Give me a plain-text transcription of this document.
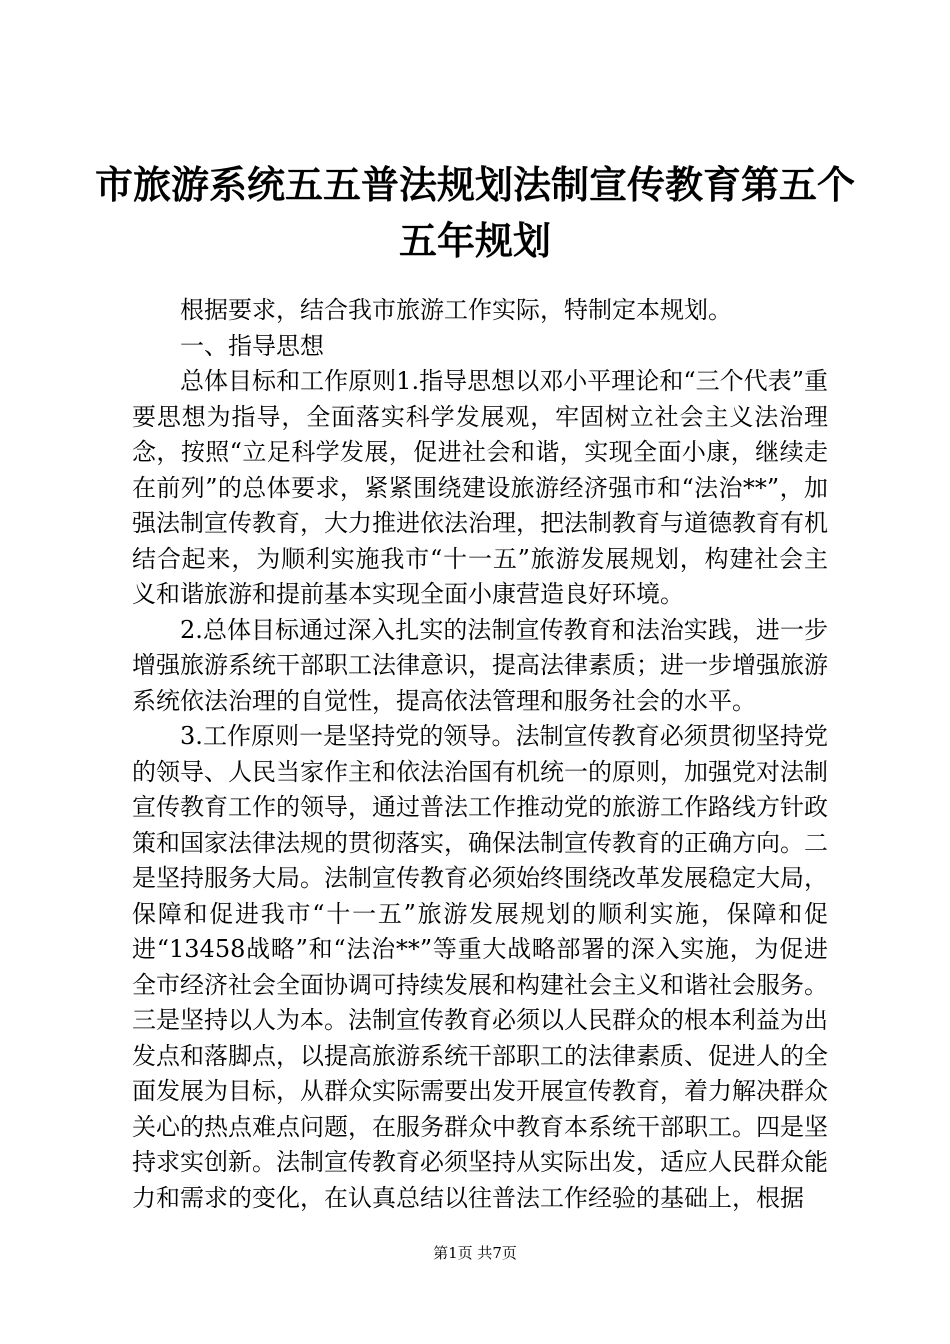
市旅游系统五五普法规划法制宣传教育第五个
五年规划

根据要求，结合我市旅游工作实际，特制定本规划。

一、指导思想

总体目标和工作原则1.指导思想以邓小平理论和“三个代表”重要思想为指导，全面落实科学发展观，牢固树立社会主义法治理念，按照“立足科学发展，促进社会和谐，实现全面小康，继续走在前列”的总体要求，紧紧围绕建设旅游经济强市和“法治**”，加强法制宣传教育，大力推进依法治理，把法制教育与道德教育有机结合起来，为顺利实施我市“十一五”旅游发展规划，构建社会主义和谐旅游和提前基本实现全面小康营造良好环境。

2.总体目标通过深入扎实的法制宣传教育和法治实践，进一步增强旅游系统干部职工法律意识，提高法律素质；进一步增强旅游系统依法治理的自觉性，提高依法管理和服务社会的水平。

3.工作原则一是坚持党的领导。法制宣传教育必须贯彻坚持党的领导、人民当家作主和依法治国有机统一的原则，加强党对法制宣传教育工作的领导，通过普法工作推动党的旅游工作路线方针政策和国家法律法规的贯彻落实，确保法制宣传教育的正确方向。二是坚持服务大局。法制宣传教育必须始终围绕改革发展稳定大局，保障和促进我市“十一五”旅游发展规划的顺利实施，保障和促进“13458战略”和“法治**”等重大战略部署的深入实施，为促进全市经济社会全面协调可持续发展和构建社会主义和谐社会服务。三是坚持以人为本。法制宣传教育必须以人民群众的根本利益为出发点和落脚点，以提高旅游系统干部职工的法律素质、促进人的全面发展为目标，从群众实际需要出发开展宣传教育，着力解决群众关心的热点难点问题，在服务群众中教育本系统干部职工。四是坚持求实创新。法制宣传教育必须坚持从实际出发，适应人民群众能力和需求的变化，在认真总结以往普法工作经验的基础上，根据

第1页 共7页
